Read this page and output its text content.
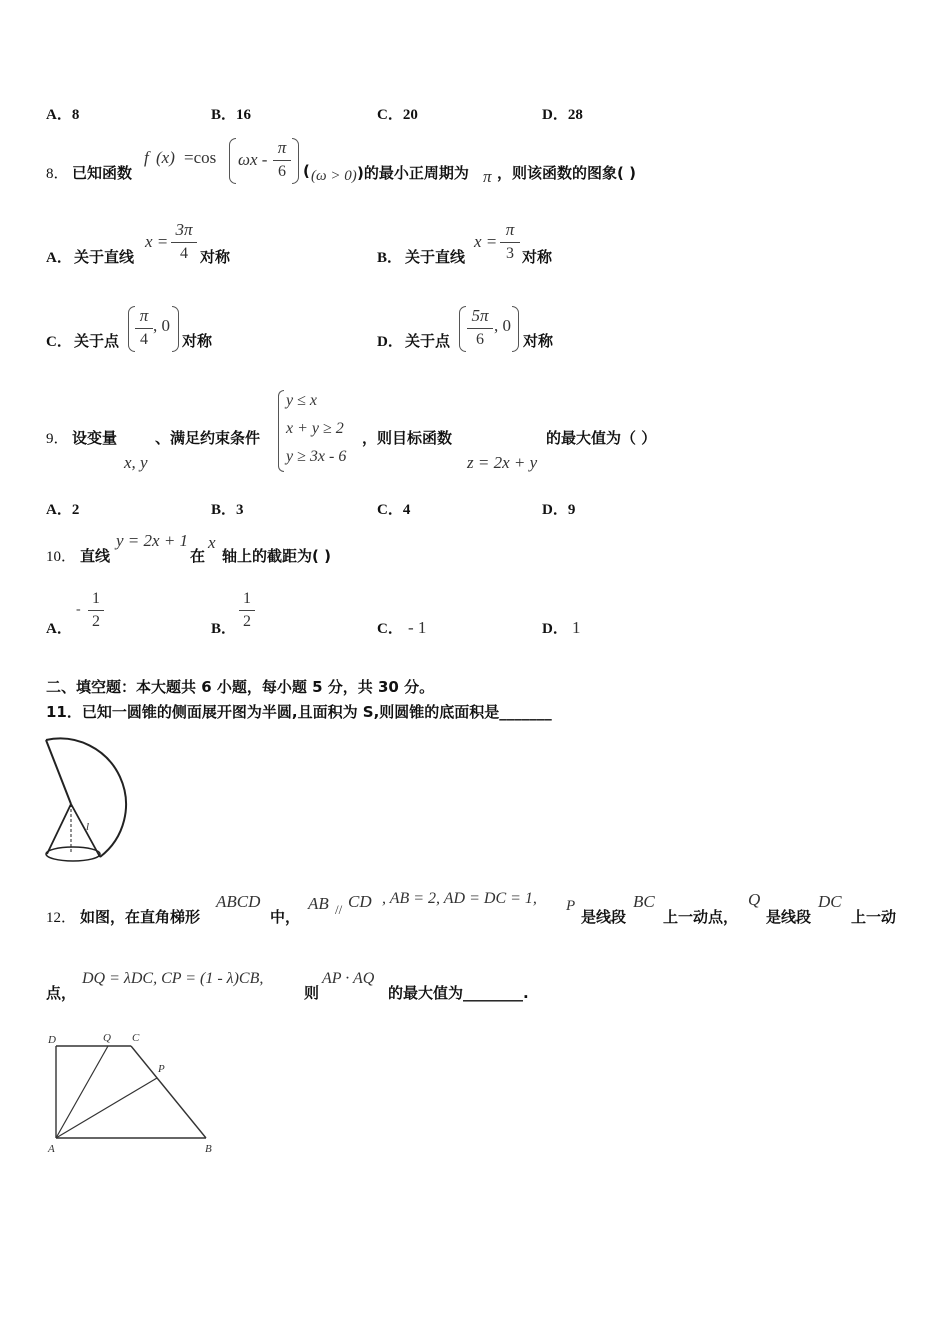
A．8	B．16	C．20	D．28
8． 已知函数
f (x) =cos ωx -
π
6	( (ω > 0) )的最小正周期为 π ，则该函数的图象( )
A． 关于直线
x =
3π
4 对称	B． 关于直线
x =
π
3 对称
C． 关于点
π
4
, 0
对称	D． 关于点
5π
6
, 0
对称
9． 设变量
x, y
、满足约束条件
y ≤ x
x + y ≥ 2
y ≥ 3x - 6
，则目标函数
z = 2x + y
的最大值为（ ）
A．2	B．3	C．4	D．9
10． 直线
y = 2x + 1
在
x
轴上的截距为( )
A．
-
1
2	B．
1
2	C． - 1	D． 1
二、填空题：本大题共 6 小题，每小题 5 分，共 30 分。
11．已知一圆锥的侧面展开图为半圆,且面积为 S,则圆锥的底面积是_______
l
12． 如图，在直角梯形
ABCD
中，
AB // CD , AB = 2, AD = DC = 1, P
是线段
BC
上一动点，
Q
是线段
DC
上一动
点，
DQ = λDC, CP = (1 - λ)CB,
则
AP · AQ
的最大值为________.
D	Q C
P
A	B
